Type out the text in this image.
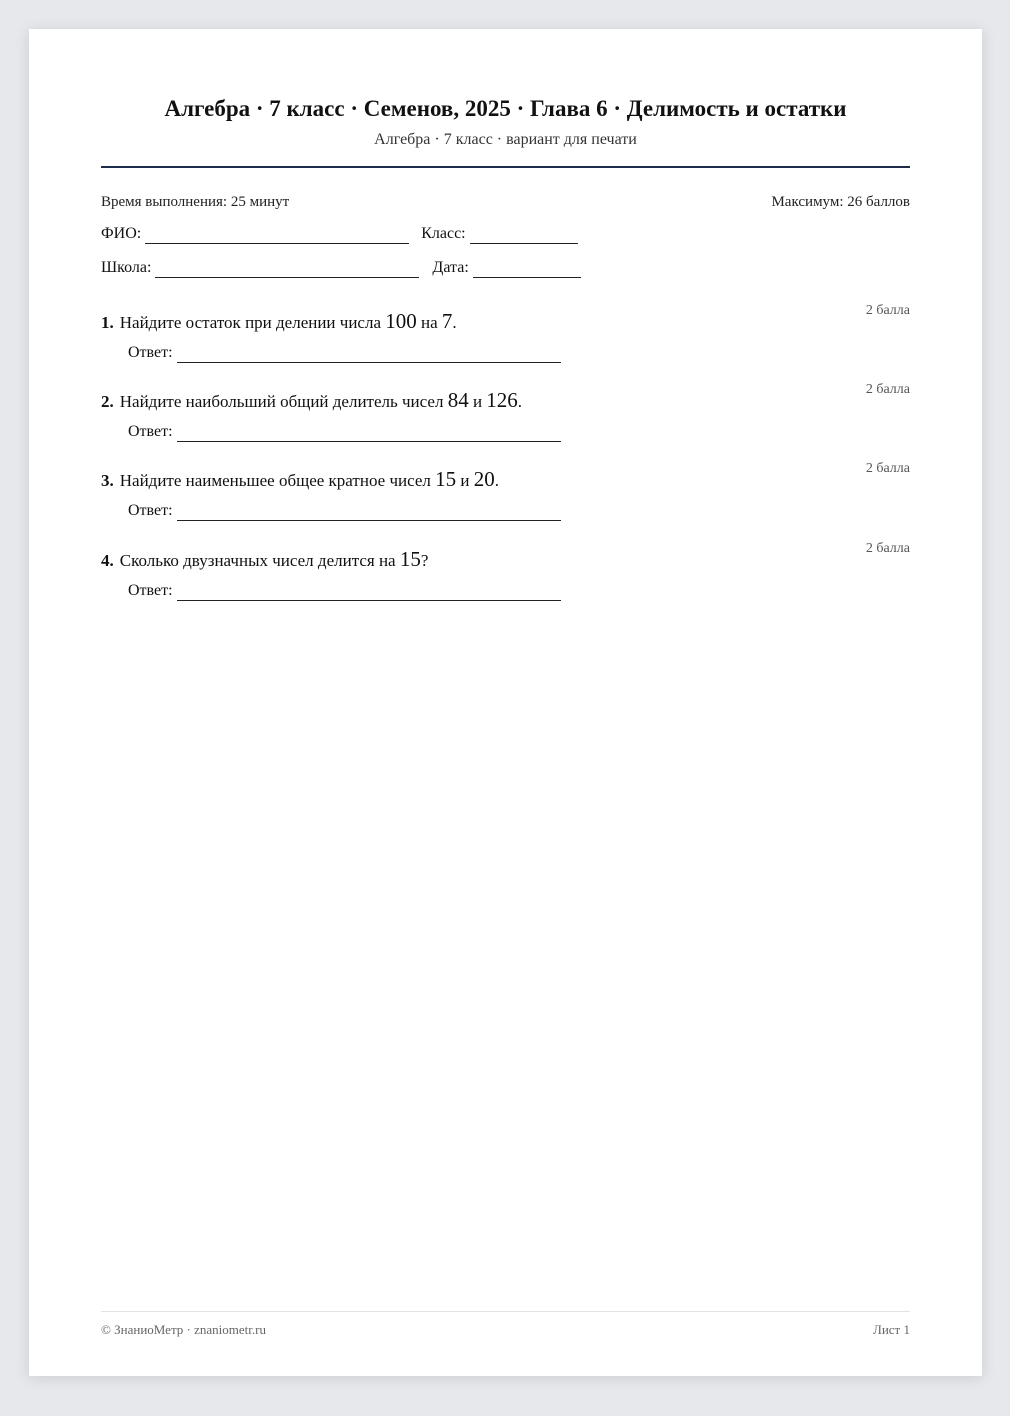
Алгебра · 7 класс · Семенов, 2025 · Глава 6 · Делимость и остатки
Алгебра · 7 класс · вариант для печати
Время выполнения: 25 минут	Максимум: 26 баллов
ФИО:	Класс:
Школа:	Дата:
1. Найдите остаток при делении числа 100 на 7.
2 балла
Ответ:
2. Найдите наибольший общий делитель чисел 84 и 126.
2 балла
Ответ:
3. Найдите наименьшее общее кратное чисел 15 и 20.
2 балла
Ответ:
4. Сколько двузначных чисел делится на 15?
2 балла
Ответ:
© ЗнаниоМетр · znaniometr.ru	Лист 1
